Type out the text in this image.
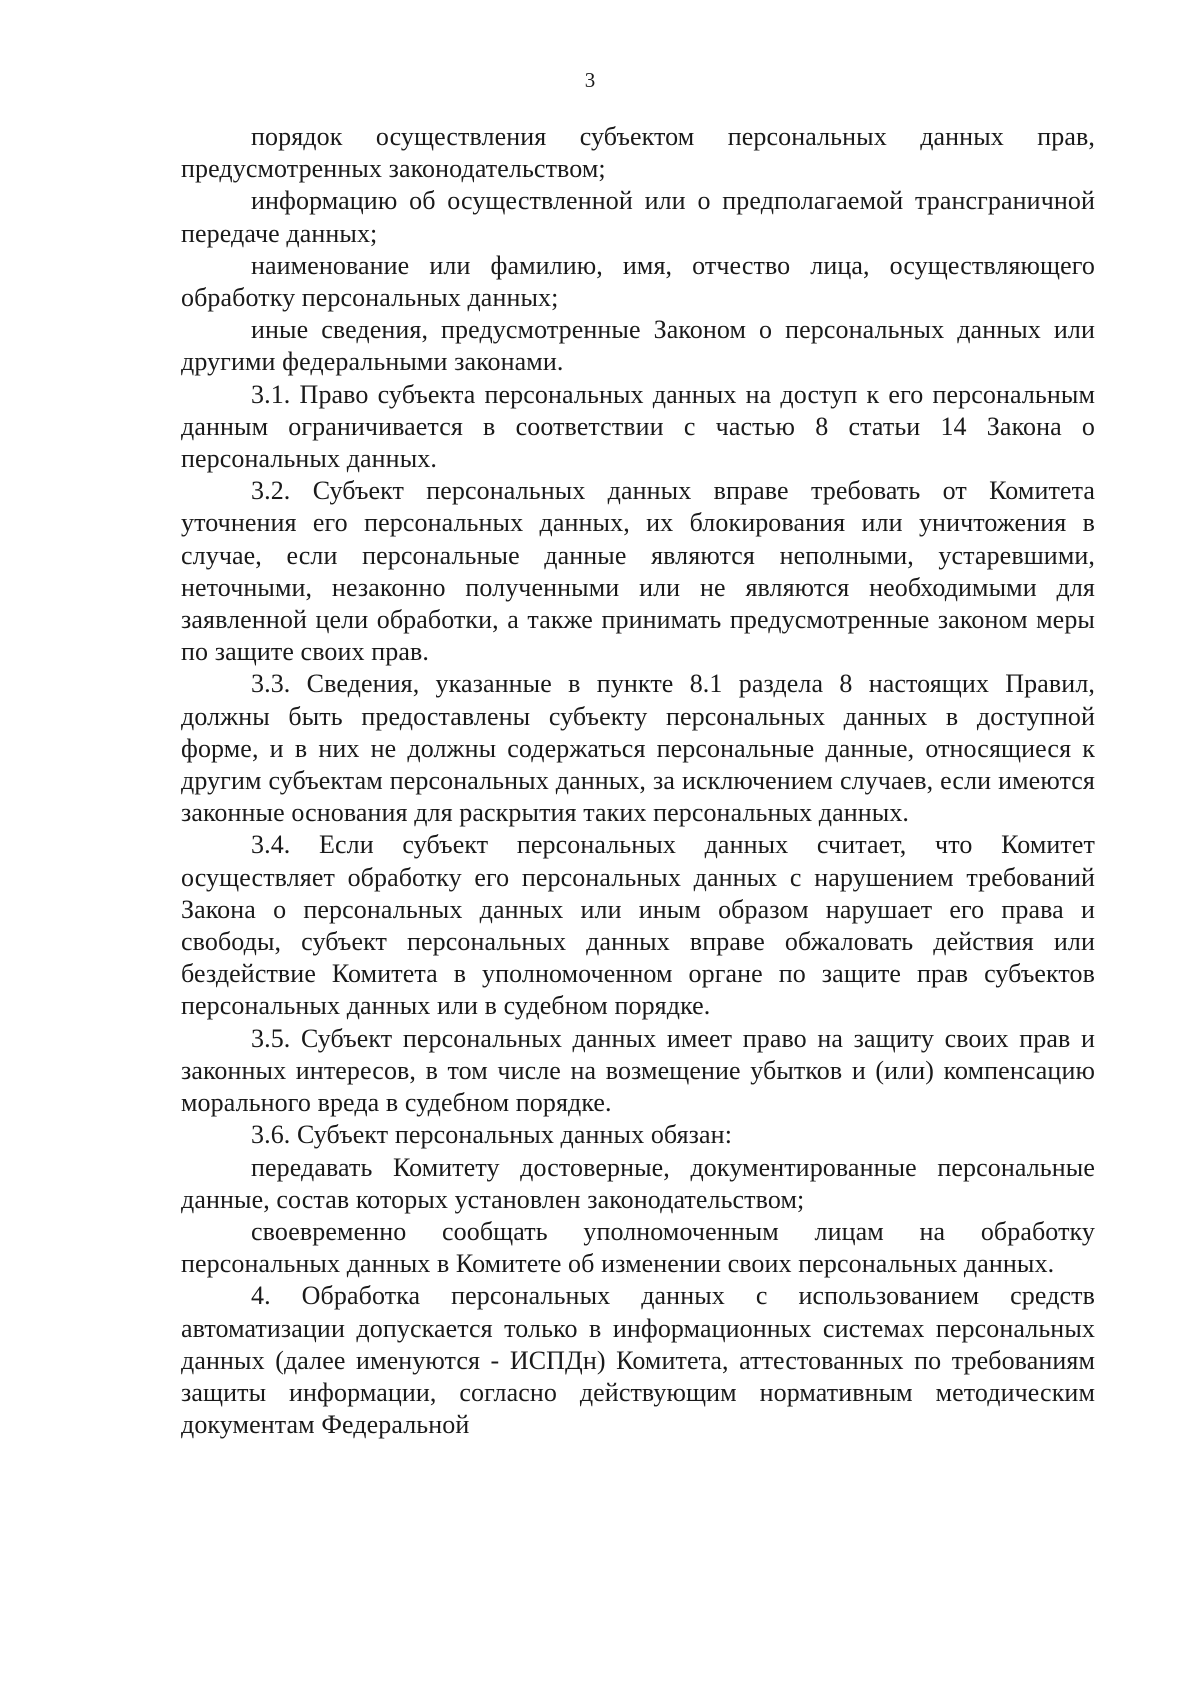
3

порядок осуществления субъектом персональных данных прав, предусмотренных законодательством;

информацию об осуществленной или о предполагаемой трансграничной передаче данных;

наименование или фамилию, имя, отчество лица, осуществляющего обработку персональных данных;

иные сведения, предусмотренные Законом о персональных данных или другими федеральными законами.

3.1. Право субъекта персональных данных на доступ к его персональным данным ограничивается в соответствии с частью 8 статьи 14 Закона о персональных данных.

3.2. Субъект персональных данных вправе требовать от Комитета уточнения его персональных данных, их блокирования или уничтожения в случае, если персональные данные являются неполными, устаревшими, неточными, незаконно полученными или не являются необходимыми для заявленной цели обработки, а также принимать предусмотренные законом меры по защите своих прав.

3.3. Сведения, указанные в пункте 8.1 раздела 8 настоящих Правил, должны быть предоставлены субъекту персональных данных в доступной форме, и в них не должны содержаться персональные данные, относящиеся к другим субъектам персональных данных, за исключением случаев, если имеются законные основания для раскрытия таких персональных данных.

3.4. Если субъект персональных данных считает, что Комитет осуществляет обработку его персональных данных с нарушением требований Закона о персональных данных или иным образом нарушает его права и свободы, субъект персональных данных вправе обжаловать действия или бездействие Комитета в уполномоченном органе по защите прав субъектов персональных данных или в судебном порядке.

3.5. Субъект персональных данных имеет право на защиту своих прав и законных интересов, в том числе на возмещение убытков и (или) компенсацию морального вреда в судебном порядке.

3.6. Субъект персональных данных обязан:

передавать Комитету достоверные, документированные персональные данные, состав которых установлен законодательством;

своевременно сообщать уполномоченным лицам на обработку персональных данных в Комитете об изменении своих персональных данных.

4. Обработка персональных данных с использованием средств автоматизации допускается только в информационных системах персональных данных (далее именуются - ИСПДн) Комитета, аттестованных по требованиям защиты информации, согласно действующим нормативным методическим документам Федеральной
